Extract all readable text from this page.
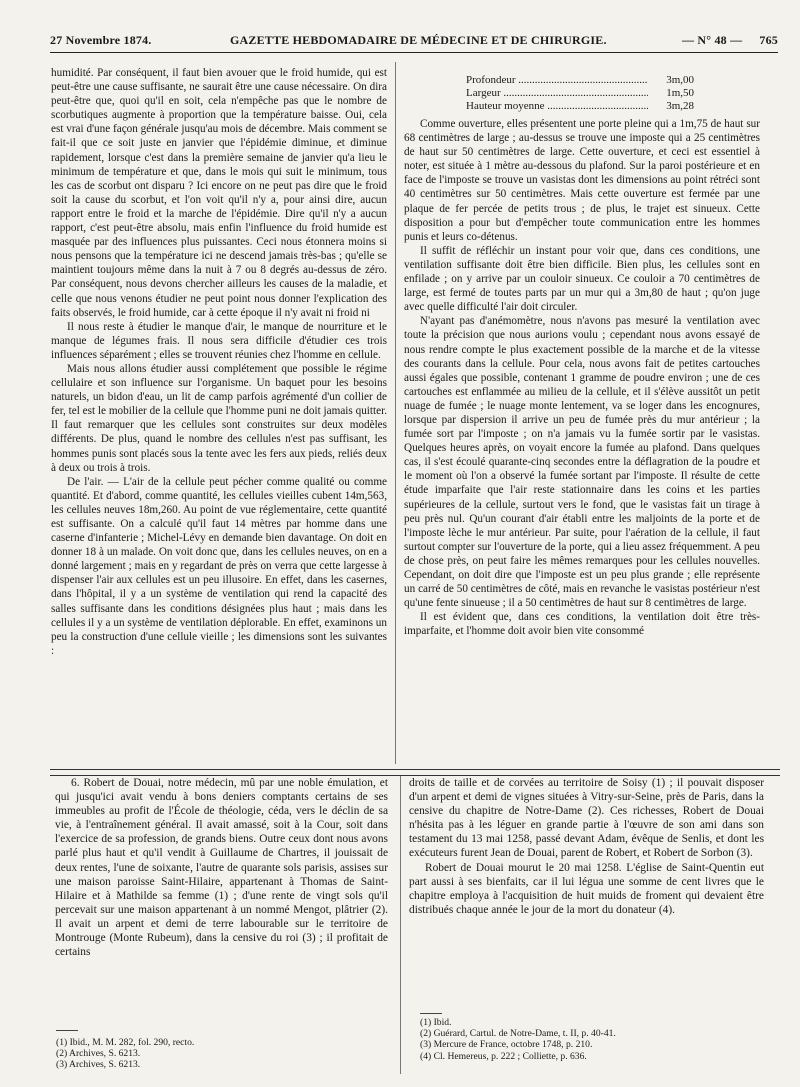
27 Novembre 1874.	GAZETTE HEBDOMADAIRE DE MÉDECINE ET DE CHIRURGIE.	— N° 48 — 765

humidité. Par conséquent, il faut bien avouer que le froid humide, qui est peut-être une cause suffisante, ne saurait être une cause nécessaire. On dira peut-être que, quoi qu'il en soit, cela n'empêche pas que le nombre de scorbutiques augmente à proportion que la température baisse. Oui, cela est vrai d'une façon générale jusqu'au mois de décembre. Mais comment se fait-il que ce soit juste en janvier que l'épidémie diminue, et diminue rapidement, lorsque c'est dans la première semaine de janvier qu'a lieu le minimum de température et que, dans le mois qui suit le minimum, tous les cas de scorbut ont disparu ? Ici encore on ne peut pas dire que le froid soit la cause du scorbut, et l'on voit qu'il n'y a, pour ainsi dire, aucun rapport entre le froid et la marche de l'épidémie. Dire qu'il n'y a aucun rapport, c'est peut-être absolu, mais enfin l'influence du froid humide est masquée par des influences plus puissantes. Ceci nous étonnera moins si nous pensons que la température ici ne descend jamais très-bas ; qu'elle se maintient toujours même dans la nuit à 7 ou 8 degrés au-dessus de zéro. Par conséquent, nous devons chercher ailleurs les causes de la maladie, et celle que nous venons étudier ne peut point nous donner l'explication des faits observés, le froid humide, car à cette époque il n'y avait ni froid ni

Il nous reste à étudier le manque d'air, le manque de nourriture et le manque de légumes frais. Il nous sera difficile d'étudier ces trois influences séparément ; elles se trouvent réunies chez l'homme en cellule.

Mais nous allons étudier aussi complétement que possible le régime cellulaire et son influence sur l'organisme. Un baquet pour les besoins naturels, un bidon d'eau, un lit de camp parfois agrémenté d'un collier de fer, tel est le mobilier de la cellule que l'homme puni ne doit jamais quitter. Il faut remarquer que les cellules sont construites sur deux modèles différents. De plus, quand le nombre des cellules n'est pas suffisant, les hommes punis sont placés sous la tente avec les fers aux pieds, reliés deux à deux ou trois à trois.

De l'air. — L'air de la cellule peut pécher comme qualité ou comme quantité. Et d'abord, comme quantité, les cellules vieilles cubent 14m,563, les cellules neuves 18m,260. Au point de vue réglementaire, cette quantité est suffisante. On a calculé qu'il faut 14 mètres par homme dans une caserne d'infanterie ; Michel-Lévy en demande bien davantage. On doit en donner 18 à un malade. On voit donc que, dans les cellules neuves, on en a donné largement ; mais en y regardant de près on verra que cette largesse à dispenser l'air aux cellules est un peu illusoire. En effet, dans les casernes, dans l'hôpital, il y a un système de ventilation qui rend la capacité des salles suffisante dans les conditions désignées plus haut ; mais dans les cellules il y a un système de ventilation déplorable. En effet, examinons un peu la construction d'une cellule vieille ; les dimensions sont les suivantes :

Profondeur .....	3m,00
Largeur .....	1m,50
Hauteur moyenne .....	3m,28

Comme ouverture, elles présentent une porte pleine qui a 1m,75 de haut sur 68 centimètres de large ; au-dessus se trouve une imposte qui a 25 centimètres de haut sur 50 centimètres de large. Cette ouverture, et ceci est essentiel à noter, est située à 1 mètre au-dessous du plafond. Sur la paroi postérieure et en face de l'imposte se trouve un vasistas dont les dimensions au point rétréci sont 40 centimètres sur 50 centimètres. Mais cette ouverture est fermée par une plaque de fer percée de petits trous ; de plus, le trajet est sinueux. Cette disposition a pour but d'empêcher toute communication entre les hommes punis et leurs co-détenus.

Il suffit de réfléchir un instant pour voir que, dans ces conditions, une ventilation suffisante doit être bien difficile. Bien plus, les cellules sont en enfilade ; on y arrive par un couloir sinueux. Ce couloir a 70 centimètres de large, est fermé de toutes parts par un mur qui a 3m,80 de haut ; qu'on juge avec quelle difficulté l'air doit circuler.

N'ayant pas d'anémomètre, nous n'avons pas mesuré la ventilation avec toute la précision que nous aurions voulu ; cependant nous avons essayé de nous rendre compte le plus exactement possible de la marche et de la vitesse des courants dans la cellule. Pour cela, nous avons fait de petites cartouches aussi égales que possible, contenant 1 gramme de poudre environ ; une de ces cartouches est enflammée au milieu de la cellule, et il s'élève aussitôt un petit nuage de fumée ; le nuage monte lentement, va se loger dans les encognures, lorsque par dispersion il arrive un peu de fumée près du mur antérieur ; la fumée sort par l'imposte ; on n'a jamais vu la fumée sortir par le vasistas. Quelques heures après, on voyait encore la fumée au plafond. Dans quelques cas, il s'est écoulé quarante-cinq secondes entre la déflagration de la poudre et le moment où l'on a observé la fumée sortant par l'imposte. Il résulte de cette étude imparfaite que l'air reste stationnaire dans les coins et les parties supérieures de la cellule, surtout vers le fond, que le vasistas fait un tirage à peu près nul. Qu'un courant d'air établi entre les maljoints de la porte et de l'imposte lèche le mur antérieur. Par suite, pour l'aération de la cellule, il faut surtout compter sur l'ouverture de la porte, qui a lieu assez fréquemment. A peu de chose près, on peut faire les mêmes remarques pour les cellules nouvelles. Cependant, on doit dire que l'imposte est un peu plus grande ; elle représente un carré de 50 centimètres de côté, mais en revanche le vasistas postérieur n'est qu'une fente sinueuse ; il a 50 centimètres de haut sur 8 centimètres de large.

Il est évident que, dans ces conditions, la ventilation doit être très-imparfaite, et l'homme doit avoir bien vite consommé

6. Robert de Douai, notre médecin, mû par une noble émulation, et qui jusqu'ici avait vendu à bons deniers comptants certains de ses immeubles au profit de l'École de théologie, céda, vers le déclin de sa vie, à l'entraînement général. Il avait amassé, soit à la Cour, soit dans l'exercice de sa profession, de grands biens. Outre ceux dont nous avons parlé plus haut et qu'il vendit à Guillaume de Chartres, il jouissait de deux rentes, l'une de soixante, l'autre de quarante sols parisis, assises sur une maison paroisse Saint-Hilaire, appartenant à Thomas de Saint-Hilaire et à Mathilde sa femme (1) ; d'une rente de vingt sols qu'il percevait sur une maison appartenant à un nommé Mengot, plâtrier (2). Il avait un arpent et demi de terre labourable sur le territoire de Montrouge (Monte Rubeum), dans la censive du roi (3) ; il profitait de certains

(1) Ibid., M. M. 282, fol. 290, recto.
(2) Archives, S. 6213.
(3) Archives, S. 6213.

droits de taille et de corvées au territoire de Soisy (1) ; il pouvait disposer d'un arpent et demi de vignes situées à Vitry-sur-Seine, près de Paris, dans la censive du chapitre de Notre-Dame (2). Ces richesses, Robert de Douai n'hésita pas à les léguer en grande partie à l'œuvre de son ami dans son testament du 13 mai 1258, passé devant Adam, évêque de Senlis, et dont les exécuteurs furent Jean de Douai, parent de Robert, et Robert de Sorbon (3).

Robert de Douai mourut le 20 mai 1258. L'église de Saint-Quentin eut part aussi à ses bienfaits, car il lui légua une somme de cent livres que le chapitre employa à l'acquisition de huit muids de froment qui devaient être distribués chaque année le jour de la mort du donateur (4).

(1) Ibid.
(2) Guérard, Cartul. de Notre-Dame, t. II, p. 40-41.
(3) Mercure de France, octobre 1748, p. 210.
(4) Cl. Hemereus, p. 222 ; Colliette, p. 636.
